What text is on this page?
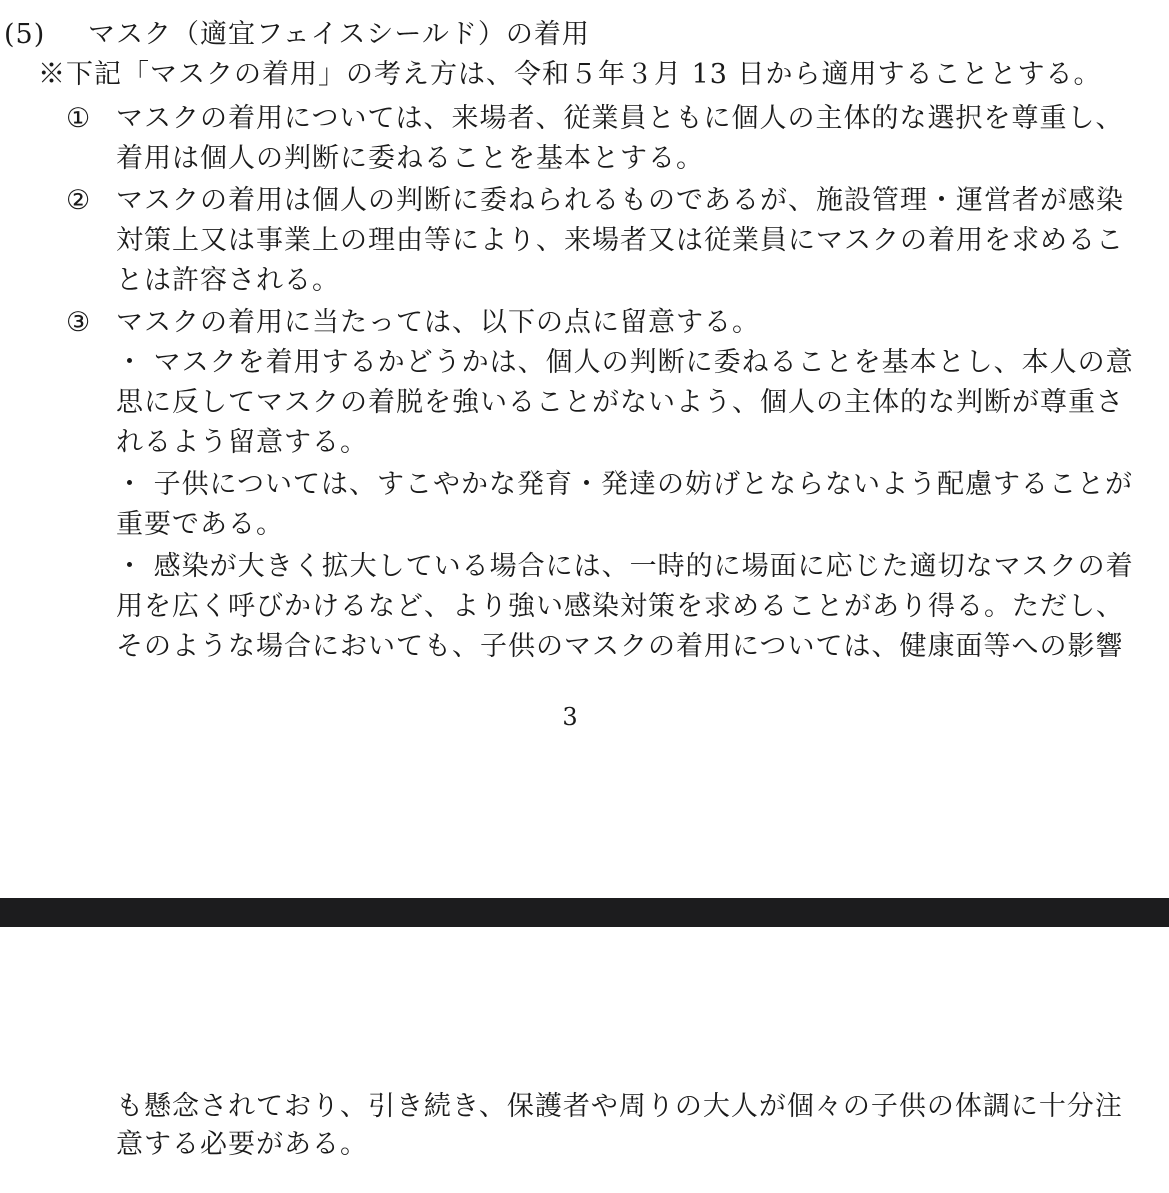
(5) マスク（適宜フェイスシールド）の着用
※下記「マスクの着用」の考え方は、令和５年３月 13 日から適用することとする。
① マスクの着用については、来場者、従業員ともに個人の主体的な選択を尊重し、
着用は個人の判断に委ねることを基本とする。
② マスクの着用は個人の判断に委ねられるものであるが、施設管理・運営者が感染
対策上又は事業上の理由等により、来場者又は従業員にマスクの着用を求めるこ
とは許容される。
③ マスクの着用に当たっては、以下の点に留意する。
・ マスクを着用するかどうかは、個人の判断に委ねることを基本とし、本人の意
思に反してマスクの着脱を強いることがないよう、個人の主体的な判断が尊重さ
れるよう留意する。
・ 子供については、すこやかな発育・発達の妨げとならないよう配慮することが
重要である。
・ 感染が大きく拡大している場合には、一時的に場面に応じた適切なマスクの着
用を広く呼びかけるなど、より強い感染対策を求めることがあり得る。ただし、
そのような場合においても、子供のマスクの着用については、健康面等への影響
3
も懸念されており、引き続き、保護者や周りの大人が個々の子供の体調に十分注
意する必要がある。
